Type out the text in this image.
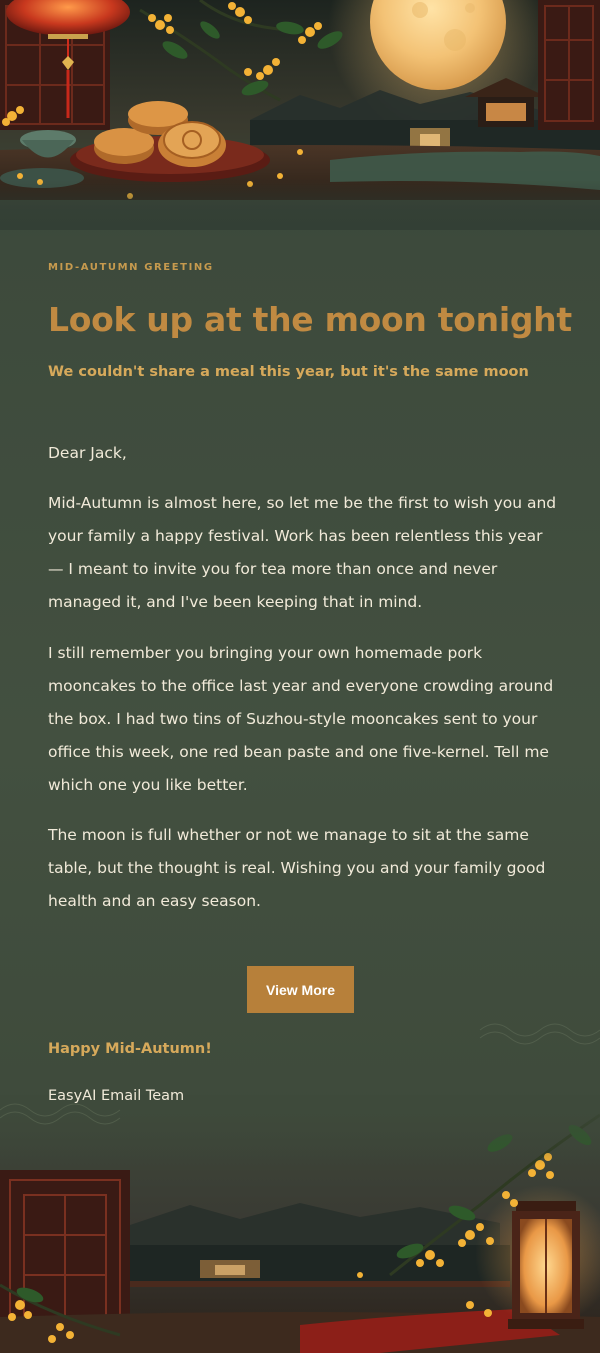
MID-AUTUMN GREETING
Look up at the moon tonight
We couldn't share a meal this year, but it's the same moon
Dear Jack,

Mid-Autumn is almost here, so let me be the first to wish you and your family a happy festival. Work has been relentless this year — I meant to invite you for tea more than once and never managed it, and I've been keeping that in mind.

I still remember you bringing your own homemade pork mooncakes to the office last year and everyone crowding around the box. I had two tins of Suzhou-style mooncakes sent to your office this week, one red bean paste and one five-kernel. Tell me which one you like better.

The moon is full whether or not we manage to sit at the same table, but the thought is real. Wishing you and your family good health and an easy season.

View More
Happy Mid-Autumn!
EasyAI Email Team
